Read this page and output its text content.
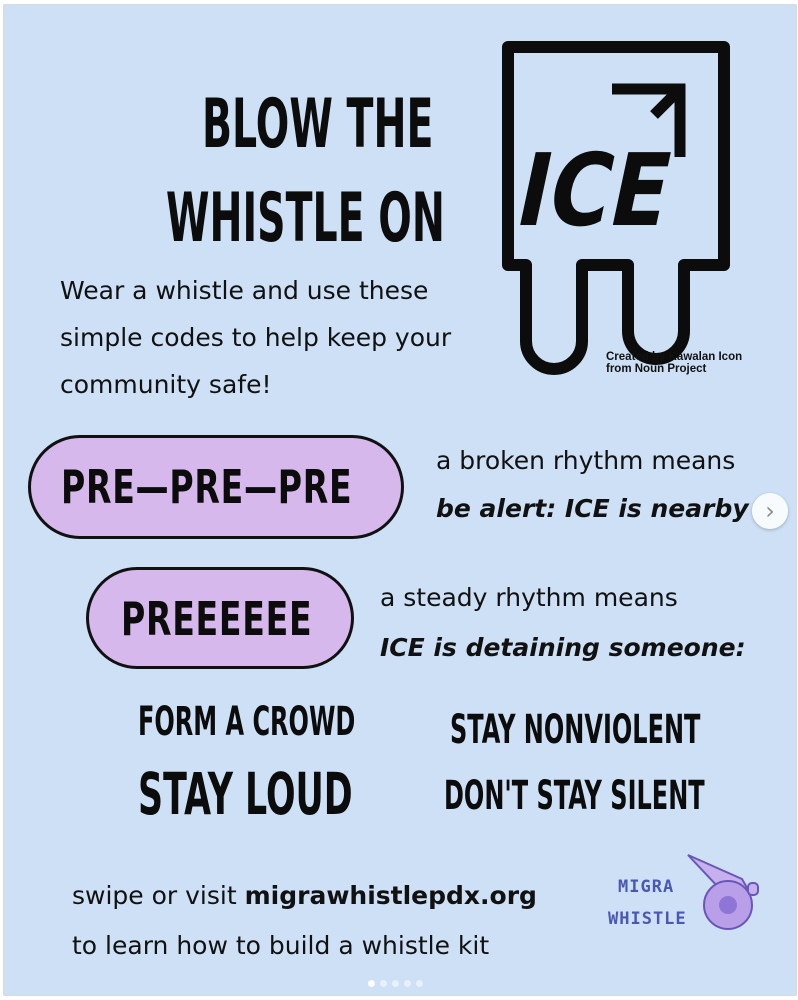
BLOW THE
WHISTLE ON ICE
Wear a whistle and use these
simple codes to help keep your
community safe!
Created by Kawalan Icon
from Noun Project
PRE—PRE—PRE	a broken rhythm means
be alert: ICE is nearby
PREEEEEE	a steady rhythm means
ICE is detaining someone:
FORM A CROWD
STAY LOUD
STAY NONVIOLENT
DON'T STAY SILENT
swipe or visit migrawhistlepdx.org
to learn how to build a whistle kit
MIGRA
WHISTLE
›
